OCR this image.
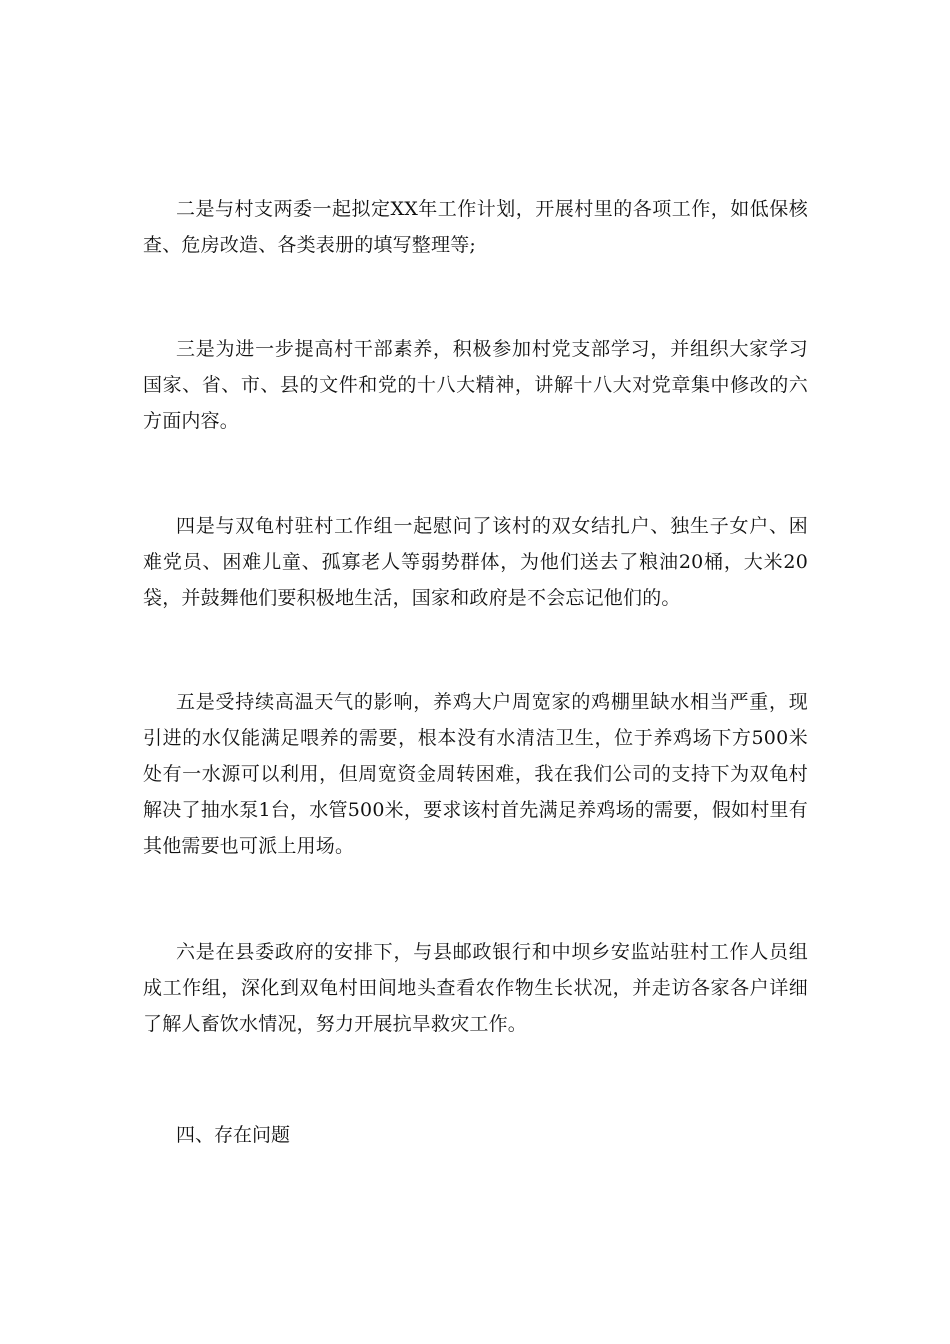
二是与村支两委一起拟定XX年工作计划，开展村里的各项工作，如低保核查、危房改造、各类表册的填写整理等;

三是为进一步提高村干部素养，积极参加村党支部学习，并组织大家学习国家、省、市、县的文件和党的十八大精神，讲解十八大对党章集中修改的六方面内容。

四是与双龟村驻村工作组一起慰问了该村的双女结扎户、独生子女户、困难党员、困难儿童、孤寡老人等弱势群体，为他们送去了粮油20桶，大米20袋，并鼓舞他们要积极地生活，国家和政府是不会忘记他们的。

五是受持续高温天气的影响，养鸡大户周宽家的鸡棚里缺水相当严重，现引进的水仅能满足喂养的需要，根本没有水清洁卫生，位于养鸡场下方500米处有一水源可以利用，但周宽资金周转困难，我在我们公司的支持下为双龟村解决了抽水泵1台，水管500米，要求该村首先满足养鸡场的需要，假如村里有其他需要也可派上用场。

六是在县委政府的安排下，与县邮政银行和中坝乡安监站驻村工作人员组成工作组，深化到双龟村田间地头查看农作物生长状况，并走访各家各户详细了解人畜饮水情况，努力开展抗旱救灾工作。

四、存在问题
